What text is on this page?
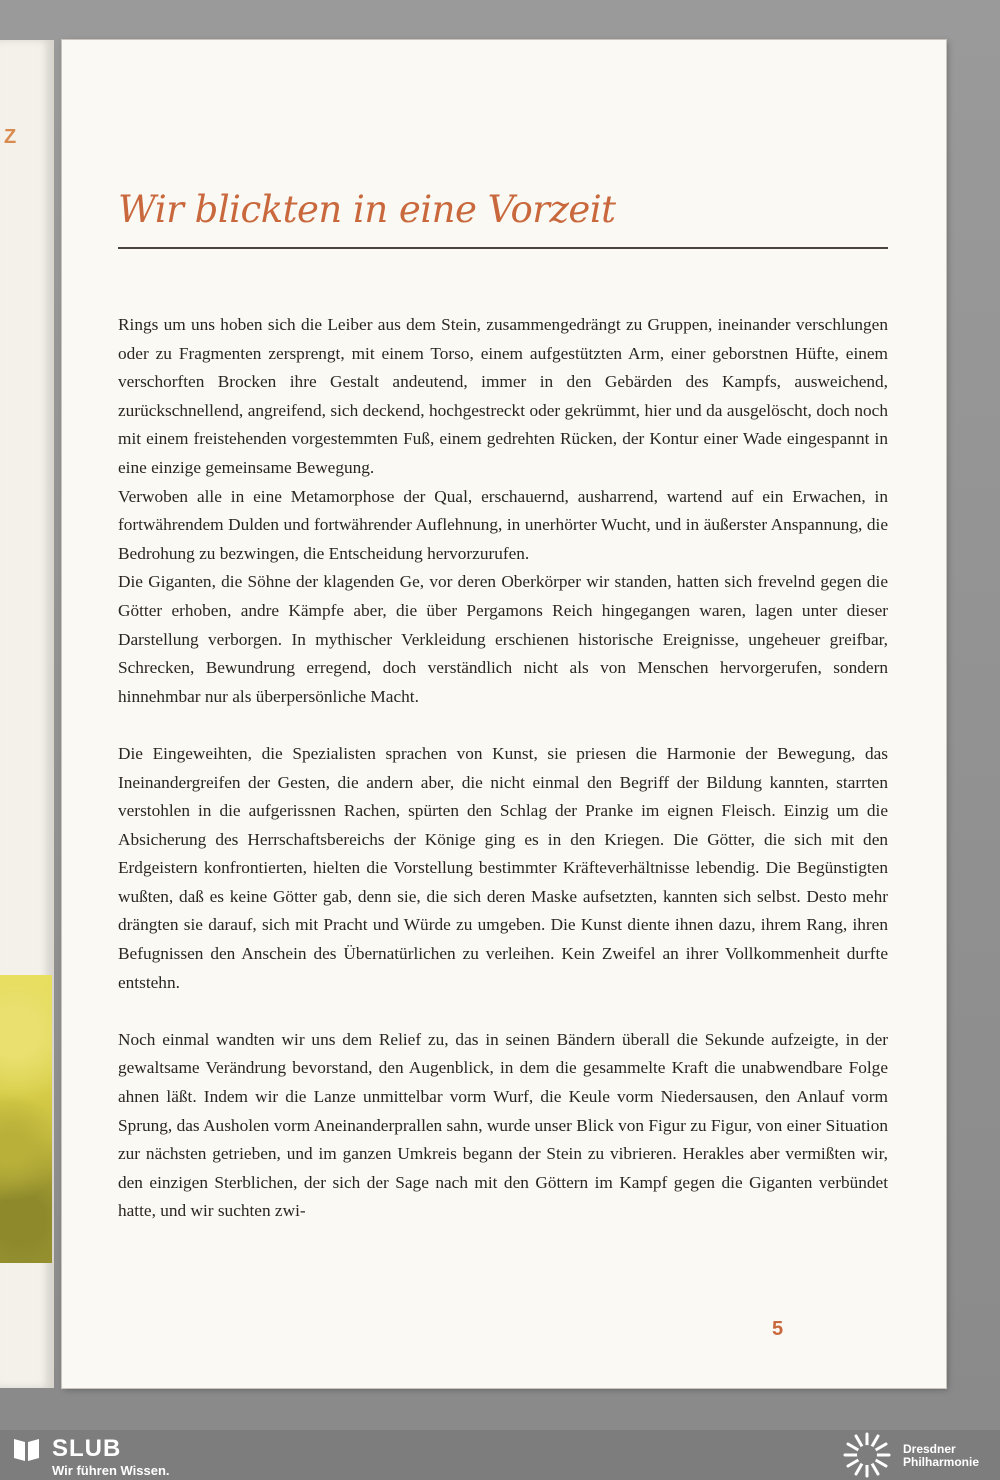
Z
Wir blickten in eine Vorzeit

Rings um uns hoben sich die Leiber aus dem Stein, zusammengedrängt zu Gruppen, ineinander verschlungen oder zu Fragmenten zersprengt, mit einem Torso, einem aufgestützten Arm, einer geborstnen Hüfte, einem verschorften Brocken ihre Gestalt andeutend, immer in den Gebärden des Kampfs, ausweichend, zurückschnellend, angreifend, sich deckend, hochgestreckt oder gekrümmt, hier und da ausgelöscht, doch noch mit einem freistehenden vorgestemmten Fuß, einem gedrehten Rücken, der Kontur einer Wade eingespannt in eine einzige gemeinsame Bewegung.

Verwoben alle in eine Metamorphose der Qual, erschauernd, ausharrend, wartend auf ein Erwachen, in fortwährendem Dulden und fortwährender Auflehnung, in unerhörter Wucht, und in äußerster Anspannung, die Bedrohung zu bezwingen, die Entscheidung hervorzurufen.

Die Giganten, die Söhne der klagenden Ge, vor deren Oberkörper wir standen, hatten sich frevelnd gegen die Götter erhoben, andre Kämpfe aber, die über Pergamons Reich hingegangen waren, lagen unter dieser Darstellung verborgen. In mythischer Verkleidung erschienen historische Ereignisse, ungeheuer greifbar, Schrecken, Bewundrung erregend, doch verständlich nicht als von Menschen hervorgerufen, sondern hinnehmbar nur als überpersönliche Macht.

Die Eingeweihten, die Spezialisten sprachen von Kunst, sie priesen die Harmonie der Bewegung, das Ineinandergreifen der Gesten, die andern aber, die nicht einmal den Begriff der Bildung kannten, starrten verstohlen in die aufgerissnen Rachen, spürten den Schlag der Pranke im eignen Fleisch. Einzig um die Absicherung des Herrschaftsbereichs der Könige ging es in den Kriegen. Die Götter, die sich mit den Erdgeistern konfrontierten, hielten die Vorstellung bestimmter Kräfteverhältnisse lebendig. Die Begünstigten wußten, daß es keine Götter gab, denn sie, die sich deren Maske aufsetzten, kannten sich selbst. Desto mehr drängten sie darauf, sich mit Pracht und Würde zu umgeben. Die Kunst diente ihnen dazu, ihrem Rang, ihren Befugnissen den Anschein des Übernatürlichen zu verleihen. Kein Zweifel an ihrer Vollkommenheit durfte entstehn.

Noch einmal wandten wir uns dem Relief zu, das in seinen Bändern überall die Sekunde aufzeigte, in der gewaltsame Verändrung bevorstand, den Augenblick, in dem die gesammelte Kraft die unabwendbare Folge ahnen läßt. Indem wir die Lanze unmittelbar vorm Wurf, die Keule vorm Niedersausen, den Anlauf vorm Sprung, das Ausholen vorm Aneinanderprallen sahn, wurde unser Blick von Figur zu Figur, von einer Situation zur nächsten getrieben, und im ganzen Umkreis begann der Stein zu vibrieren. Herakles aber vermißten wir, den einzigen Sterblichen, der sich der Sage nach mit den Göttern im Kampf gegen die Giganten verbündet hatte, und wir suchten zwi-

5
SLUB
Wir führen Wissen.
Dresdner
Philharmonie
